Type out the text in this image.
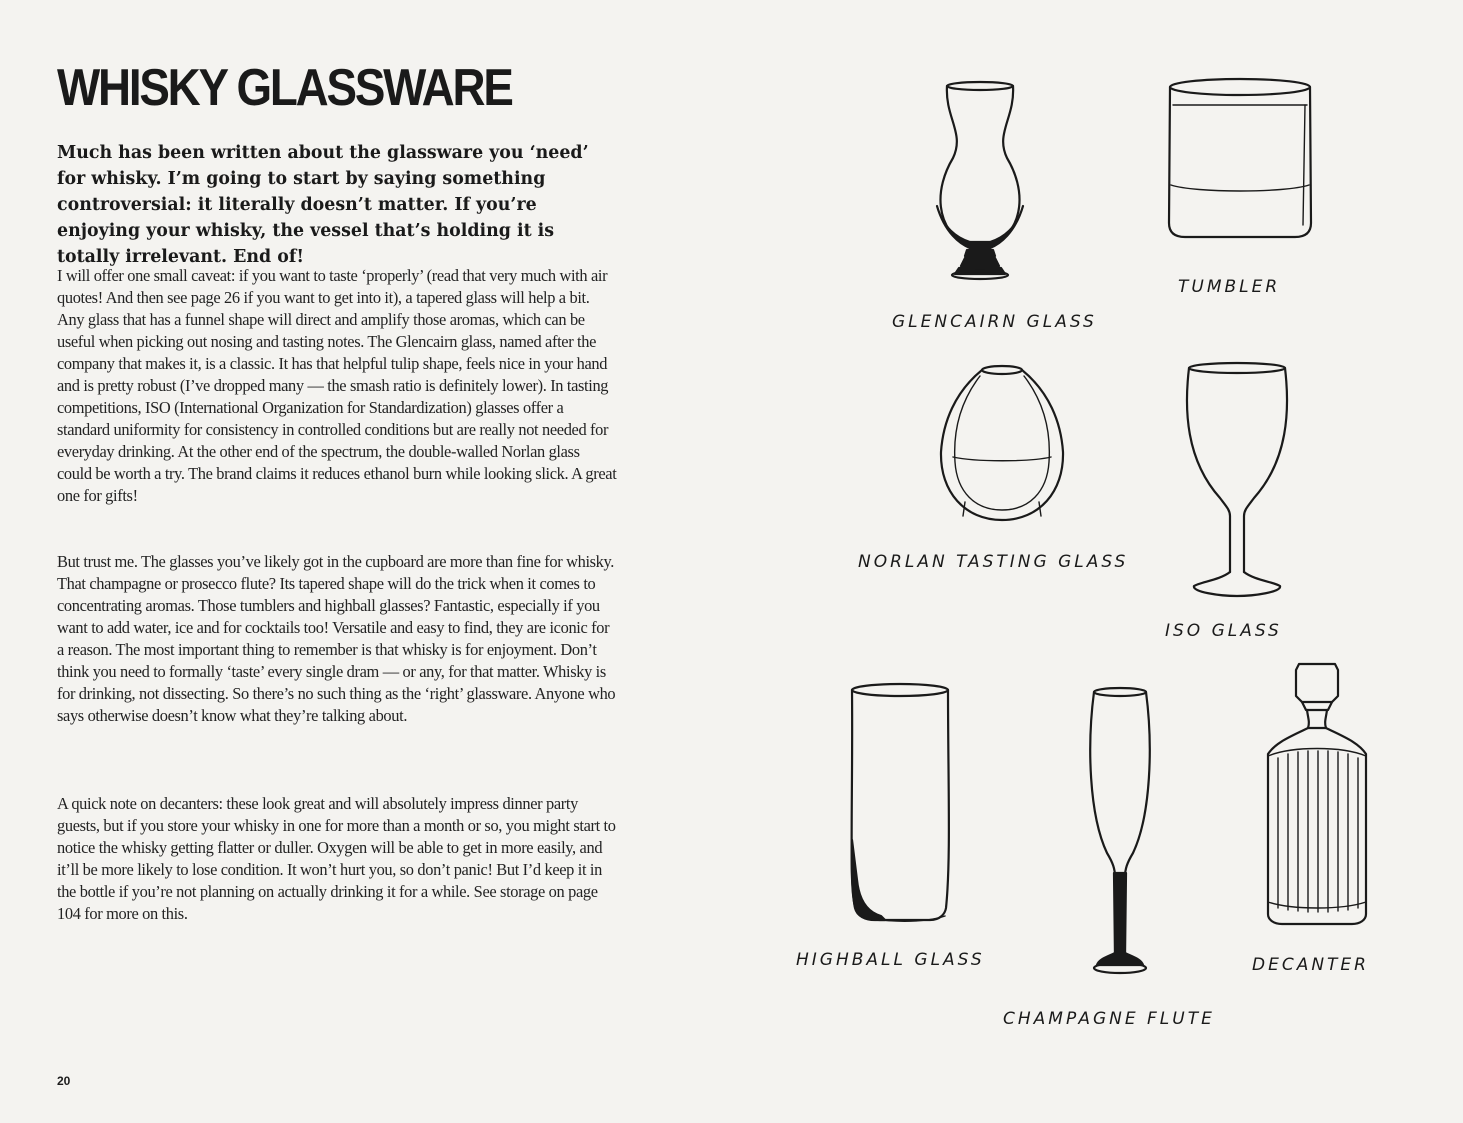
WHISKY GLASSWARE

Much has been written about the glassware you ‘need’ for whisky. I’m going to start by saying something controversial: it literally doesn’t matter. If you’re enjoying your whisky, the vessel that’s holding it is totally irrelevant. End of!

I will offer one small caveat: if you want to taste ‘properly’ (read that very much with air quotes! And then see page 26 if you want to get into it), a tapered glass will help a bit. Any glass that has a funnel shape will direct and amplify those aromas, which can be useful when picking out nosing and tasting notes. The Glencairn glass, named after the company that makes it, is a classic. It has that helpful tulip shape, feels nice in your hand and is pretty robust (I’ve dropped many — the smash ratio is definitely lower). In tasting competitions, ISO (International Organization for Standardization) glasses offer a standard uniformity for consistency in controlled conditions but are really not needed for everyday drinking. At the other end of the spectrum, the double-walled Norlan glass could be worth a try. The brand claims it reduces ethanol burn while looking slick. A great one for gifts!

But trust me. The glasses you’ve likely got in the cupboard are more than fine for whisky. That champagne or prosecco flute? Its tapered shape will do the trick when it comes to concentrating aromas. Those tumblers and highball glasses? Fantastic, especially if you want to add water, ice and for cocktails too! Versatile and easy to find, they are iconic for a reason. The most important thing to remember is that whisky is for enjoyment. Don’t think you need to formally ‘taste’ every single dram — or any, for that matter. Whisky is for drinking, not dissecting. So there’s no such thing as the ‘right’ glassware. Anyone who says otherwise doesn’t know what they’re talking about.

A quick note on decanters: these look great and will absolutely impress dinner party guests, but if you store your whisky in one for more than a month or so, you might start to notice the whisky getting flatter or duller. Oxygen will be able to get in more easily, and it’ll be more likely to lose condition. It won’t hurt you, so don’t panic! But I’d keep it in the bottle if you’re not planning on actually drinking it for a while. See storage on page 104 for more on this.

20
GLENCAIRN GLASS
TUMBLER
NORLAN TASTING GLASS
ISO GLASS
HIGHBALL GLASS
CHAMPAGNE FLUTE
DECANTER
